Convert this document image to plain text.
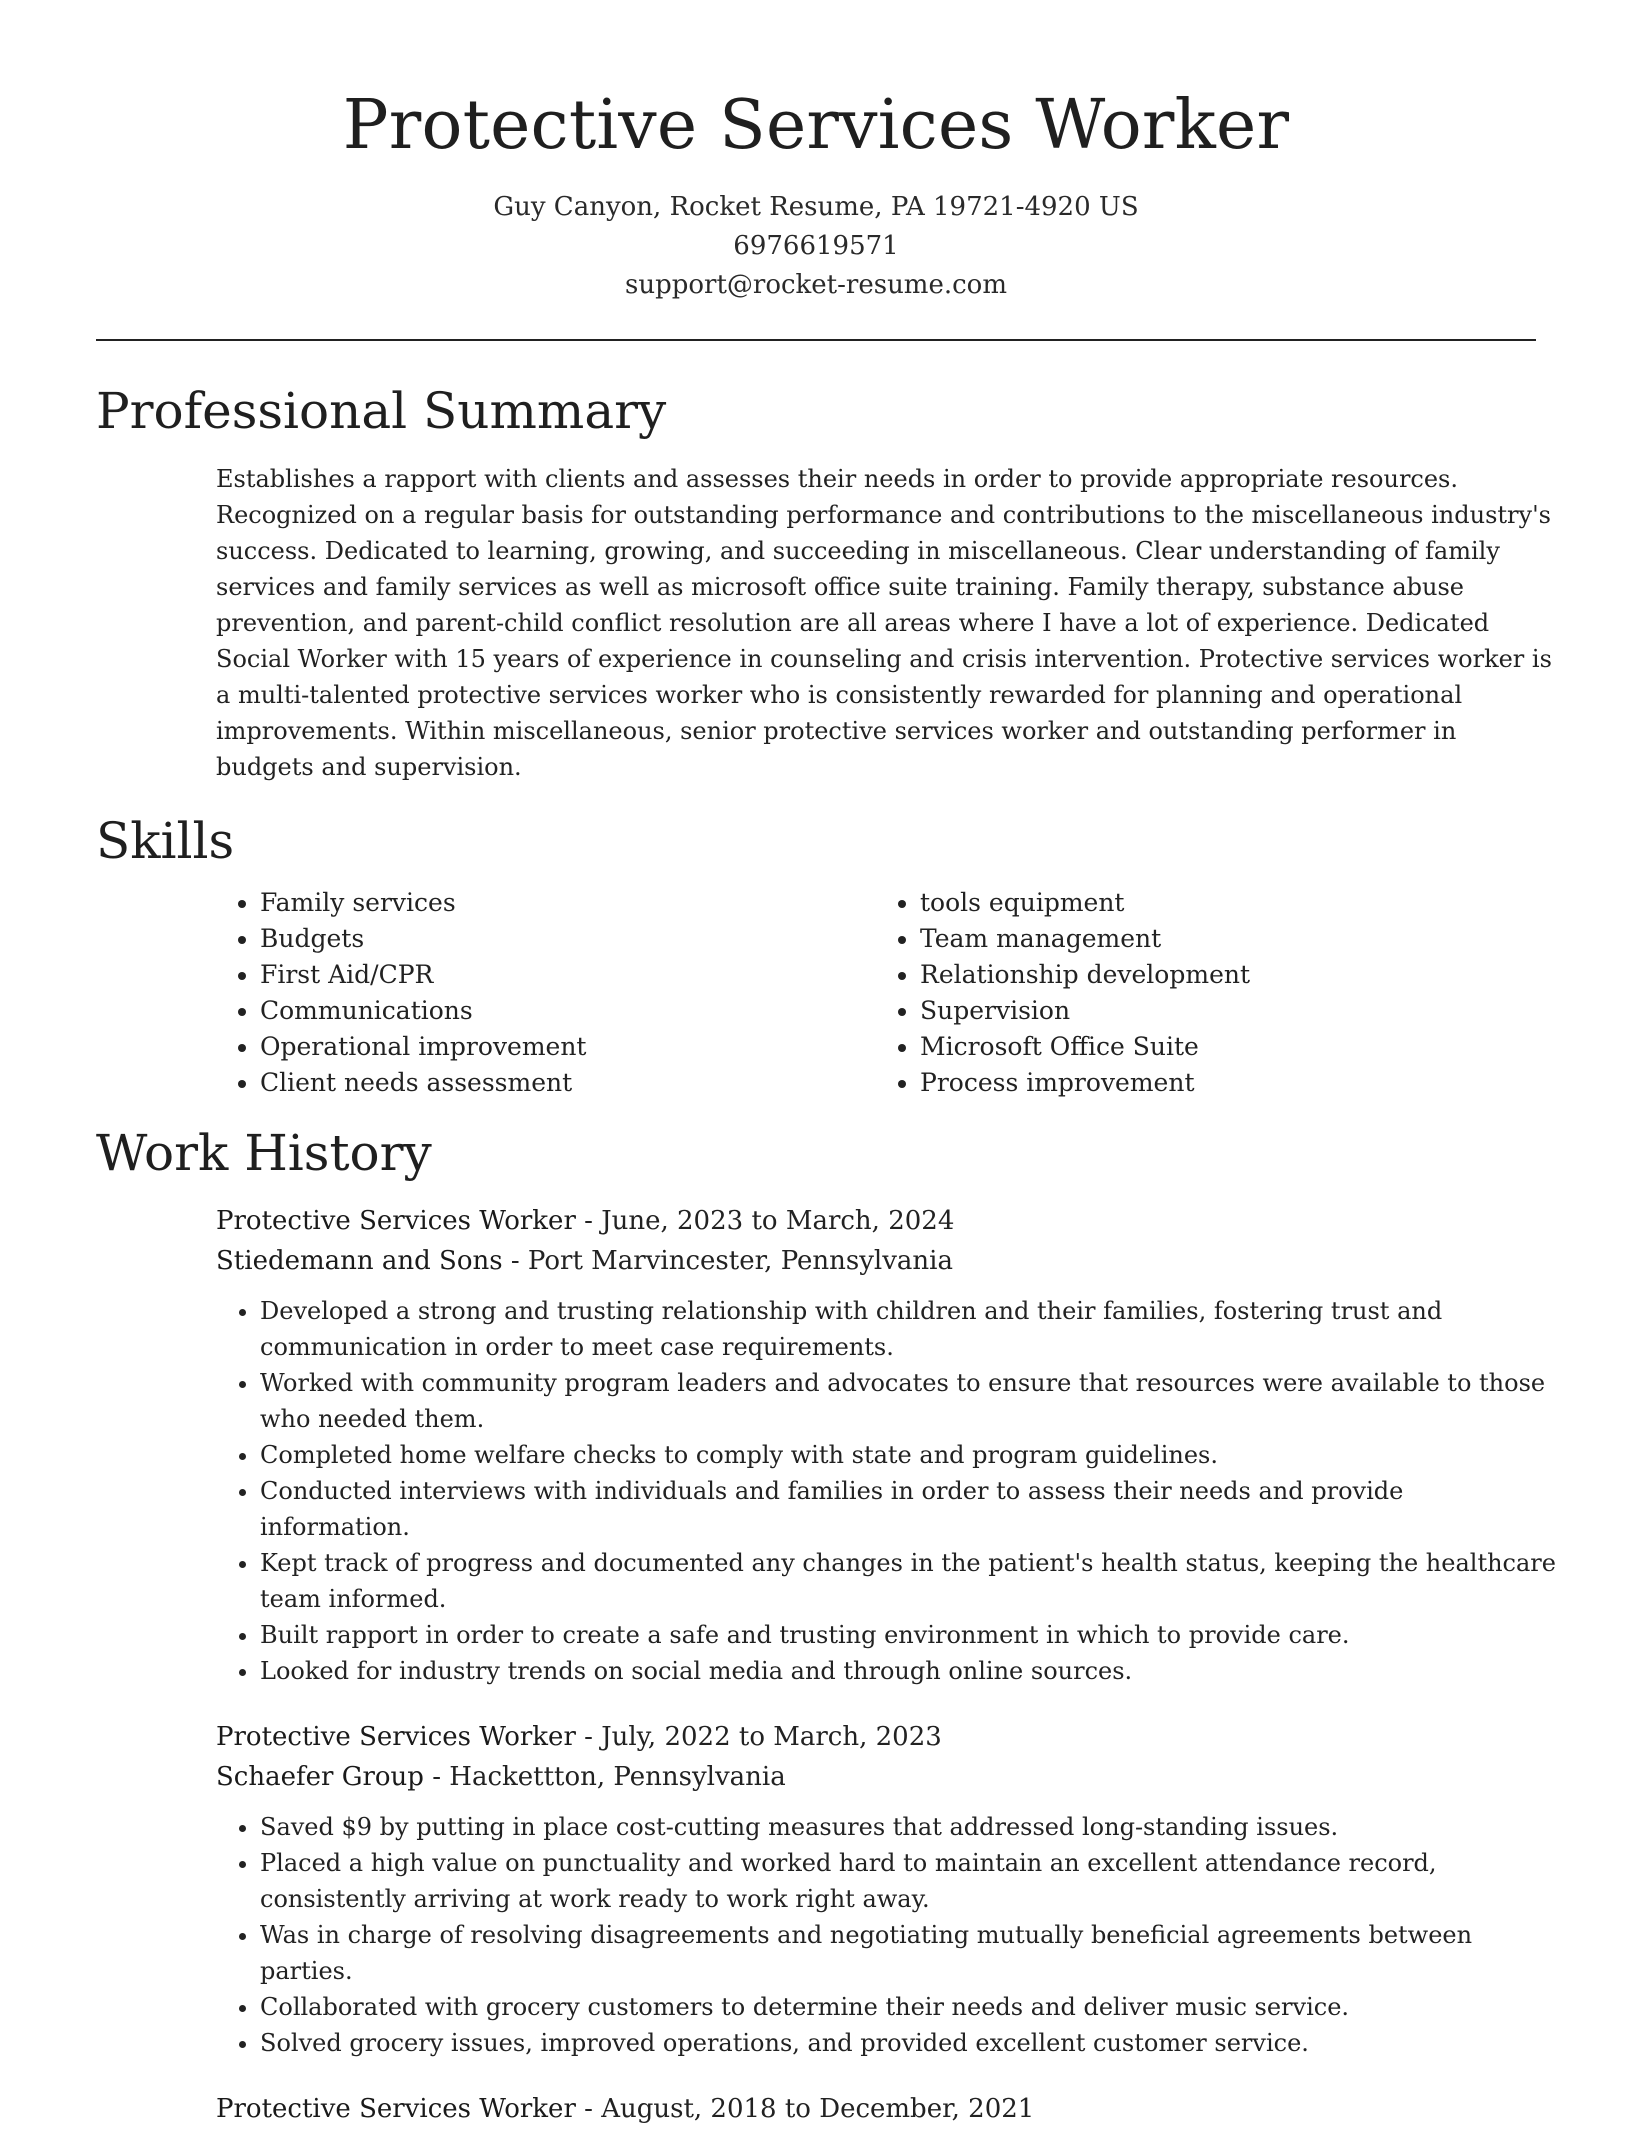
Protective Services Worker
Guy Canyon, Rocket Resume, PA 19721-4920 US
6976619571
support@rocket-resume.com
Professional Summary

Establishes a rapport with clients and assesses their needs in order to provide appropriate resources. Recognized on a regular basis for outstanding performance and contributions to the miscellaneous industry's success. Dedicated to learning, growing, and succeeding in miscellaneous. Clear understanding of family services and family services as well as microsoft office suite training. Family therapy, substance abuse prevention, and parent-child conflict resolution are all areas where I have a lot of experience. Dedicated Social Worker with 15 years of experience in counseling and crisis intervention. Protective services worker is a multi-talented protective services worker who is consistently rewarded for planning and operational improvements. Within miscellaneous, senior protective services worker and outstanding performer in budgets and supervision.

Skills
• Family services
• Budgets
• First Aid/CPR
• Communications
• Operational improvement
• Client needs assessment
• tools equipment
• Team management
• Relationship development
• Supervision
• Microsoft Office Suite
• Process improvement
Work History
Protective Services Worker - June, 2023 to March, 2024
Stiedemann and Sons - Port Marvincester, Pennsylvania
• Developed a strong and trusting relationship with children and their families, fostering trust and communication in order to meet case requirements.
• Worked with community program leaders and advocates to ensure that resources were available to those who needed them.
• Completed home welfare checks to comply with state and program guidelines.
• Conducted interviews with individuals and families in order to assess their needs and provide information.
• Kept track of progress and documented any changes in the patient's health status, keeping the healthcare team informed.
• Built rapport in order to create a safe and trusting environment in which to provide care.
• Looked for industry trends on social media and through online sources.
Protective Services Worker - July, 2022 to March, 2023
Schaefer Group - Hackettton, Pennsylvania
• Saved $9 by putting in place cost-cutting measures that addressed long-standing issues.
• Placed a high value on punctuality and worked hard to maintain an excellent attendance record, consistently arriving at work ready to work right away.
• Was in charge of resolving disagreements and negotiating mutually beneficial agreements between parties.
• Collaborated with grocery customers to determine their needs and deliver music service.
• Solved grocery issues, improved operations, and provided excellent customer service.
Protective Services Worker - August, 2018 to December, 2021
